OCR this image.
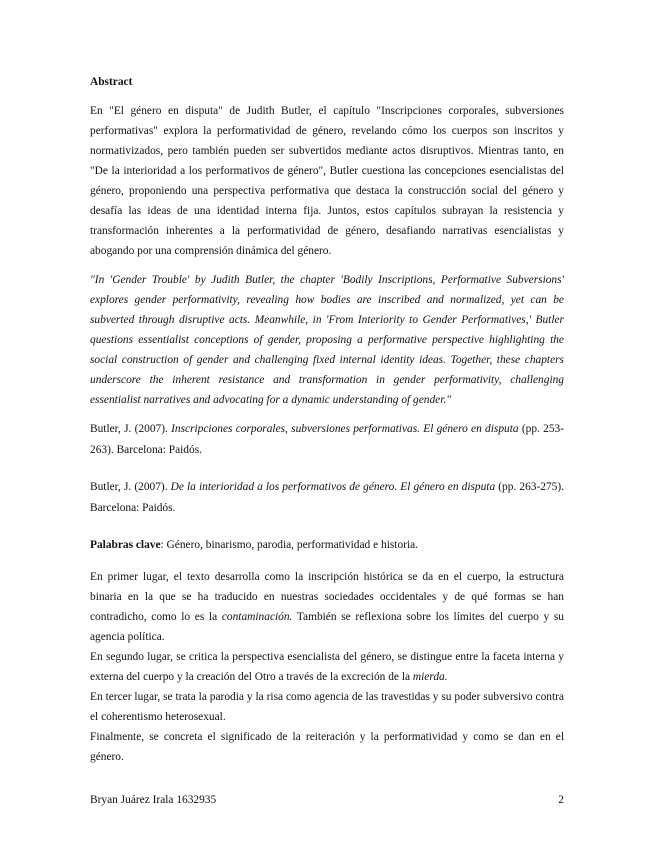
Abstract

En "El género en disputa" de Judith Butler, el capítulo "Inscripciones corporales, subversiones performativas" explora la performatividad de género, revelando cómo los cuerpos son inscritos y normativizados, pero también pueden ser subvertidos mediante actos disruptivos. Mientras tanto, en "De la interioridad a los performativos de género", Butler cuestiona las concepciones esencialistas del género, proponiendo una perspectiva performativa que destaca la construcción social del género y desafía las ideas de una identidad interna fija. Juntos, estos capítulos subrayan la resistencia y transformación inherentes a la performatividad de género, desafiando narrativas esencialistas y abogando por una comprensión dinámica del género.

"In 'Gender Trouble' by Judith Butler, the chapter 'Bodily Inscriptions, Performative Subversions' explores gender performativity, revealing how bodies are inscribed and normalized, yet can be subverted through disruptive acts. Meanwhile, in 'From Interiority to Gender Performatives,' Butler questions essentialist conceptions of gender, proposing a performative perspective highlighting the social construction of gender and challenging fixed internal identity ideas. Together, these chapters underscore the inherent resistance and transformation in gender performativity, challenging essentialist narratives and advocating for a dynamic understanding of gender."

Butler, J. (2007). Inscripciones corporales, subversiones performativas. El género en disputa (pp. 253-263). Barcelona: Paidós.

Butler, J. (2007). De la interioridad a los performativos de género. El género en disputa (pp. 263-275). Barcelona: Paidós.

Palabras clave: Género, binarismo, parodia, performatividad e historia.

En primer lugar, el texto desarrolla como la inscripción histórica se da en el cuerpo, la estructura binaria en la que se ha traducido en nuestras sociedades occidentales y de qué formas se han contradicho, como lo es la contaminación. También se reflexiona sobre los límites del cuerpo y su agencia política.

En segundo lugar, se critica la perspectiva esencialista del género, se distingue entre la faceta interna y externa del cuerpo y la creación del Otro a través de la excreción de la mierda.

En tercer lugar, se trata la parodia y la risa como agencia de las travestidas y su poder subversivo contra el coherentismo heterosexual.

Finalmente, se concreta el significado de la reiteración y la performatividad y como se dan en el género.

Bryan Juárez Irala 1632935	2
